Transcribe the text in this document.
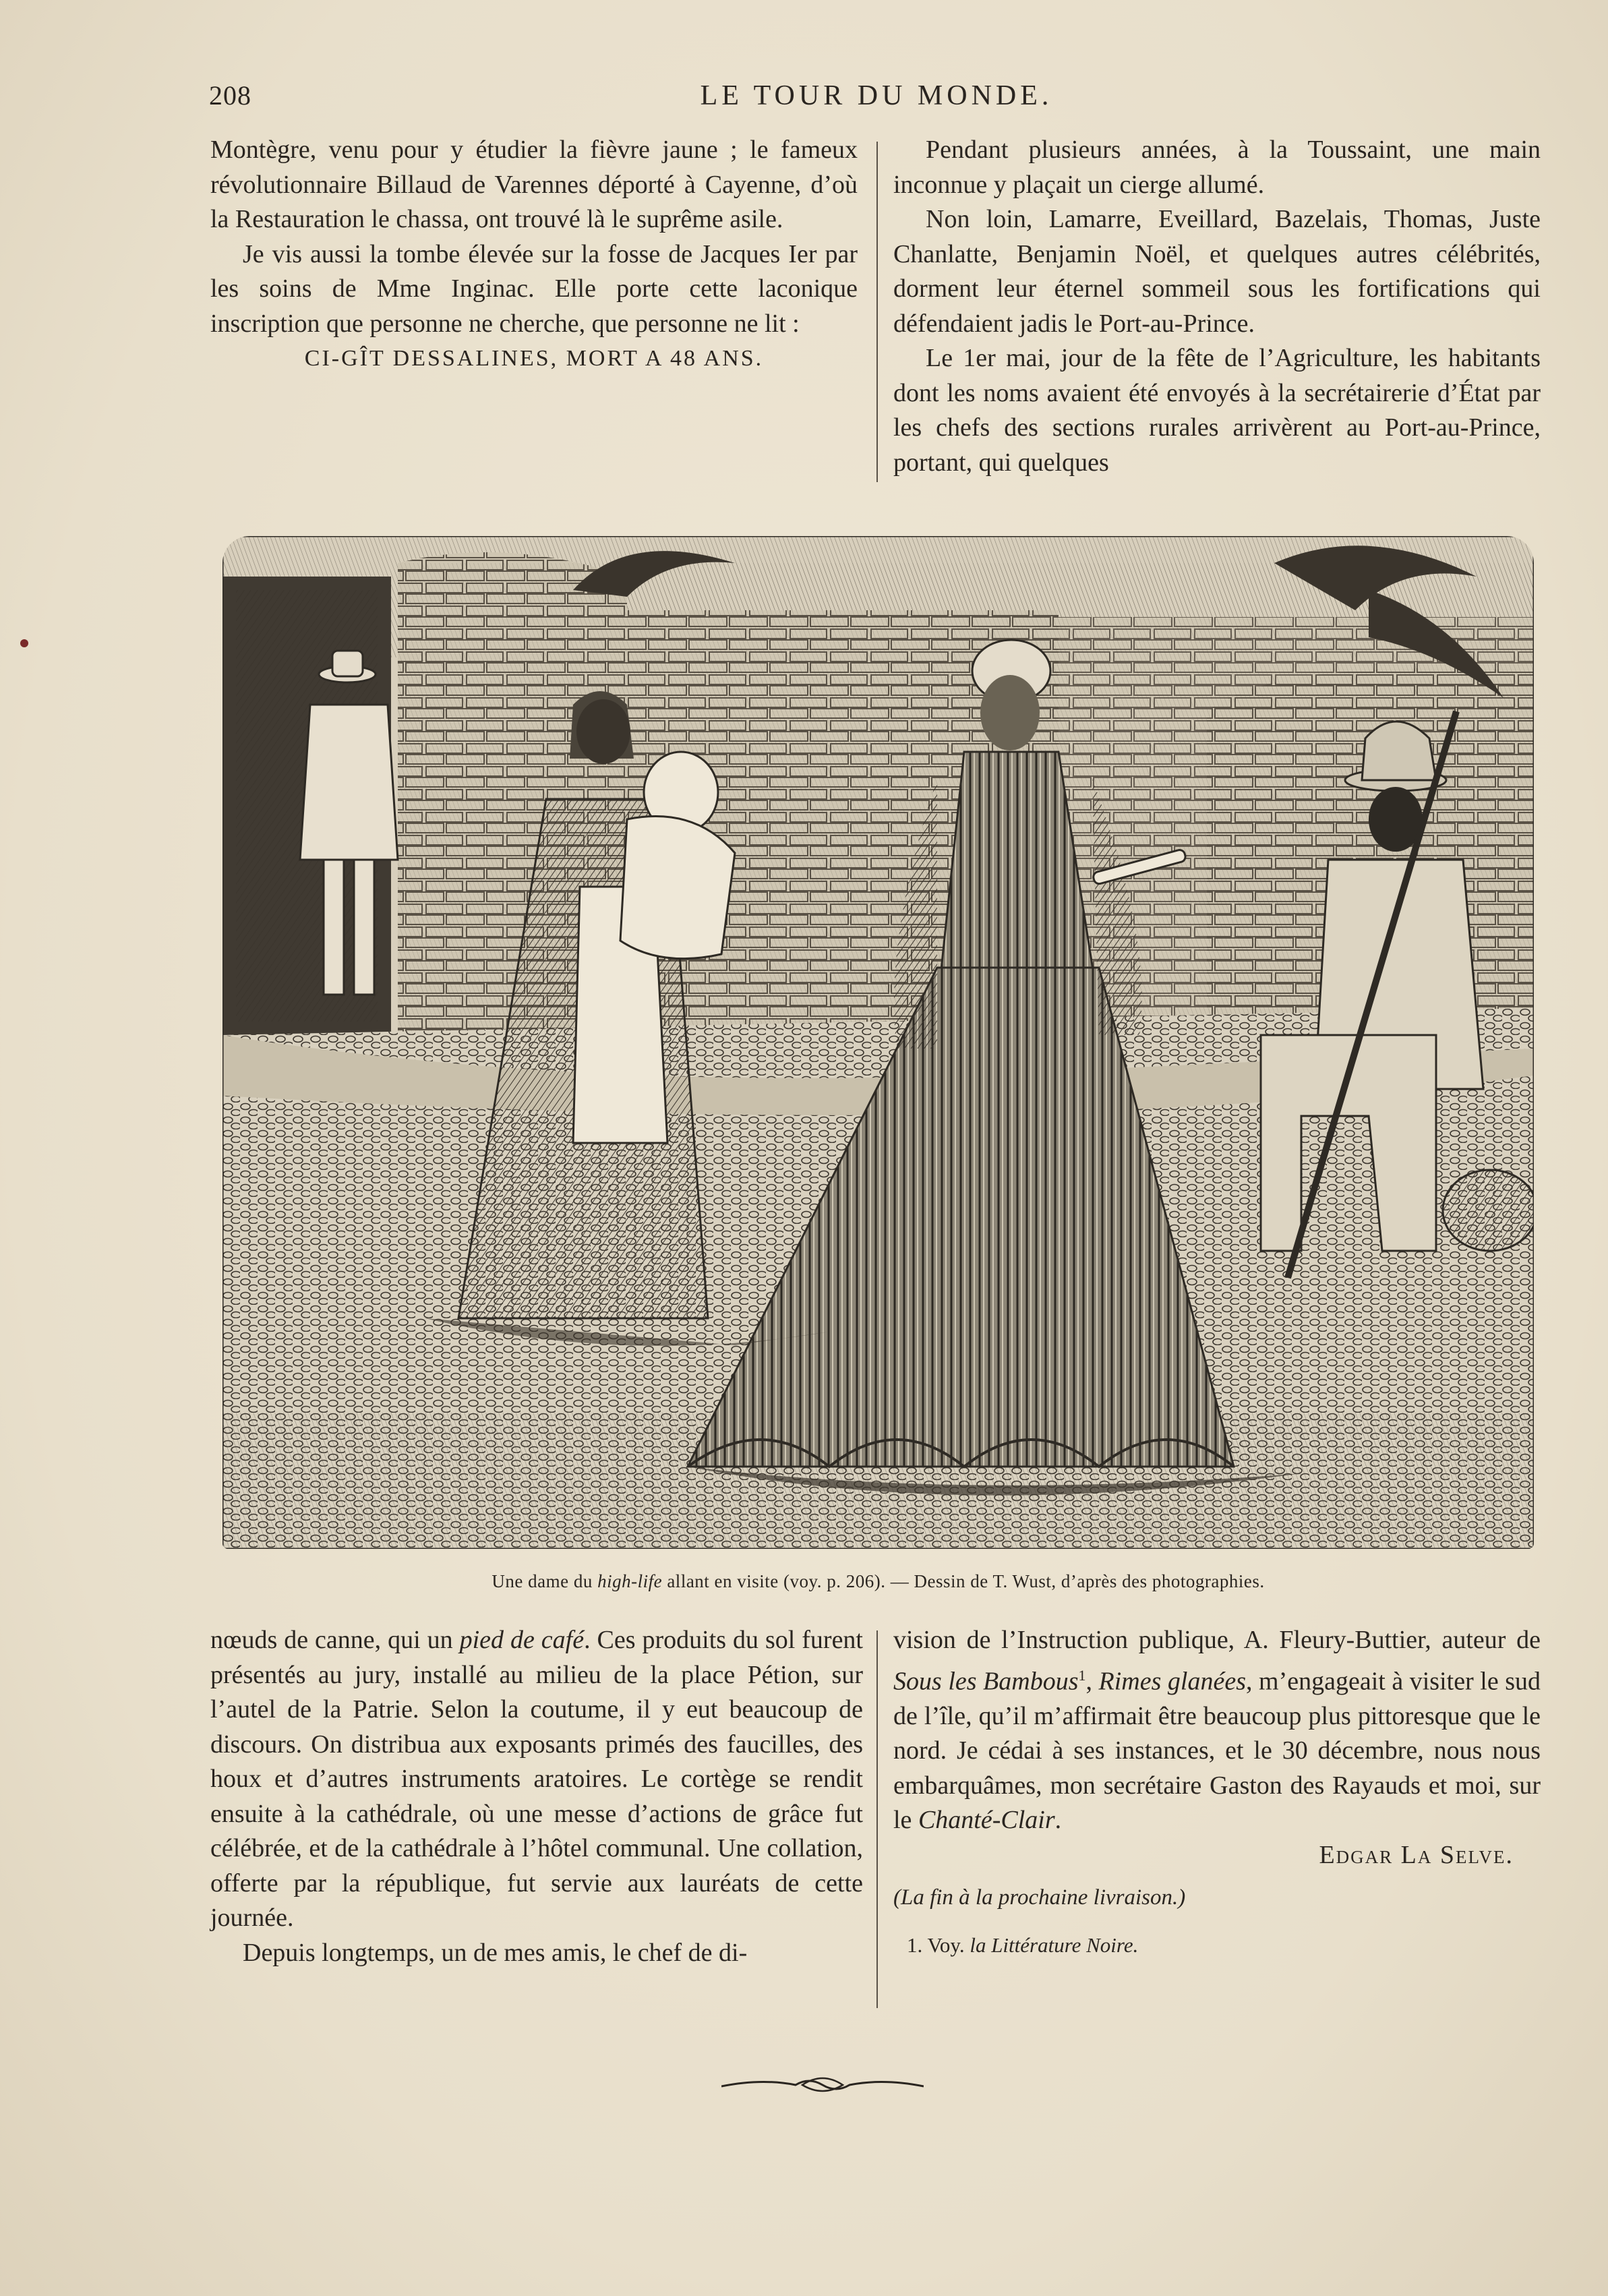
208	LE TOUR DU MONDE.

Montègre, venu pour y étudier la fièvre jaune ; le fameux révolutionnaire Billaud de Varennes déporté à Cayenne, d’où la Restauration le chassa, ont trouvé là le suprême asile.

Je vis aussi la tombe élevée sur la fosse de Jacques Ier par les soins de Mme Inginac. Elle porte cette laconique inscription que personne ne cherche, que personne ne lit :

CI-GÎT DESSALINES, MORT A 48 ANS.

Pendant plusieurs années, à la Toussaint, une main inconnue y plaçait un cierge allumé.

Non loin, Lamarre, Eveillard, Bazelais, Thomas, Juste Chanlatte, Benjamin Noël, et quelques autres célébrités, dorment leur éternel sommeil sous les fortifications qui défendaient jadis le Port-au-Prince.

Le 1er mai, jour de la fête de l’Agriculture, les habitants dont les noms avaient été envoyés à la secrétairerie d’État par les chefs des sections rurales arrivèrent au Port-au-Prince, portant, qui quelques

Une dame du high-life allant en visite (voy. p. 206). — Dessin de T. Wust, d’après des photographies.

nœuds de canne, qui un pied de café. Ces produits du sol furent présentés au jury, installé au milieu de la place Pétion, sur l’autel de la Patrie. Selon la coutume, il y eut beaucoup de discours. On distribua aux exposants primés des faucilles, des houx et d’autres instruments aratoires. Le cortège se rendit ensuite à la cathédrale, où une messe d’actions de grâce fut célébrée, et de la cathédrale à l’hôtel communal. Une collation, offerte par la république, fut servie aux lauréats de cette journée.

Depuis longtemps, un de mes amis, le chef de di-

vision de l’Instruction publique, A. Fleury-Buttier, auteur de Sous les Bambous$^1$, Rimes glanées, m’engageait à visiter le sud de l’île, qu’il m’affirmait être beaucoup plus pittoresque que le nord. Je cédai à ses instances, et le 30 décembre, nous nous embarquâmes, mon secrétaire Gaston des Rayauds et moi, sur le Chanté-Clair.

Edgar La Selve.

(La fin à la prochaine livraison.)

1. Voy. la Littérature Noire.
